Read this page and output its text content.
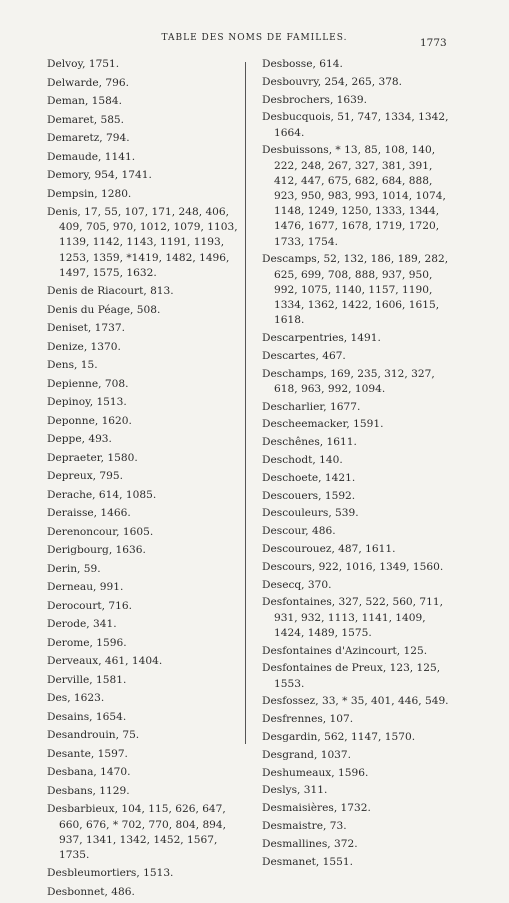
TABLE DES NOMS DE FAMILLES.	1773
Delvoy, 1751.
Delwarde, 796.
Deman, 1584.
Demaret, 585.
Demaretz, 794.
Demaude, 1141.
Demory, 954, 1741.
Dempsin, 1280.
Denis, 17, 55, 107, 171, 248, 406, 409, 705, 970, 1012, 1079, 1103, 1139, 1142, 1143, 1191, 1193, 1253, 1359, *1419, 1482, 1496, 1497, 1575, 1632.
Denis de Riacourt, 813.
Denis du Péage, 508.
Deniset, 1737.
Denize, 1370.
Dens, 15.
Depienne, 708.
Depinoy, 1513.
Deponne, 1620.
Deppe, 493.
Depraeter, 1580.
Depreux, 795.
Derache, 614, 1085.
Deraisse, 1466.
Derenoncour, 1605.
Derigbourg, 1636.
Derin, 59.
Derneau, 991.
Derocourt, 716.
Derode, 341.
Derome, 1596.
Derveaux, 461, 1404.
Derville, 1581.
Des, 1623.
Desains, 1654.
Desandrouin, 75.
Desante, 1597.
Desbana, 1470.
Desbans, 1129.
Desbarbieux, 104, 115, 626, 647, 660, 676, * 702, 770, 804, 894, 937, 1341, 1342, 1452, 1567, 1735.
Desbleumortiers, 1513.
Desbonnet, 486.
Desbosse, 614.
Desbouvry, 254, 265, 378.
Desbrochers, 1639.
Desbucquois, 51, 747, 1334, 1342, 1664.
Desbuissons, * 13, 85, 108, 140, 222, 248, 267, 327, 381, 391, 412, 447, 675, 682, 684, 888, 923, 950, 983, 993, 1014, 1074, 1148, 1249, 1250, 1333, 1344, 1476, 1677, 1678, 1719, 1720, 1733, 1754.
Descamps, 52, 132, 186, 189, 282, 625, 699, 708, 888, 937, 950, 992, 1075, 1140, 1157, 1190, 1334, 1362, 1422, 1606, 1615, 1618.
Descarpentries, 1491.
Descartes, 467.
Deschamps, 169, 235, 312, 327, 618, 963, 992, 1094.
Descharlier, 1677.
Descheemacker, 1591.
Deschênes, 1611.
Deschodt, 140.
Deschoete, 1421.
Descouers, 1592.
Descouleurs, 539.
Descour, 486.
Descourouez, 487, 1611.
Descours, 922, 1016, 1349, 1560.
Desecq, 370.
Desfontaines, 327, 522, 560, 711, 931, 932, 1113, 1141, 1409, 1424, 1489, 1575.
Desfontaines d'Azincourt, 125.
Desfontaines de Preux, 123, 125, 1553.
Desfossez, 33, * 35, 401, 446, 549.
Desfrennes, 107.
Desgardin, 562, 1147, 1570.
Desgrand, 1037.
Deshumeaux, 1596.
Deslys, 311.
Desmaisières, 1732.
Desmaistre, 73.
Desmallines, 372.
Desmanet, 1551.
